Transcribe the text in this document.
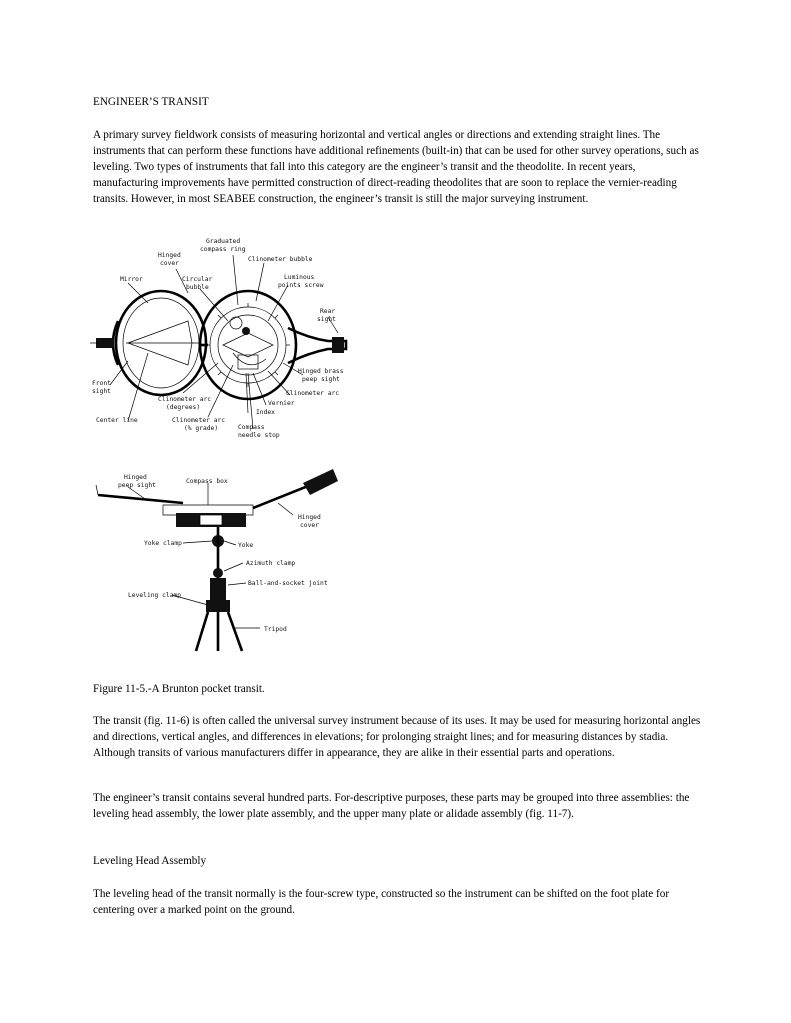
ENGINEER’S TRANSIT

A primary survey fieldwork consists of measuring horizontal and vertical angles or directions and extending straight lines. The instruments that can perform these functions have additional refinements (built-in) that can be used for other survey operations, such as leveling. Two types of instruments that fall into this category are the engineer’s transit and the theodolite. In recent years, manufacturing improvements have permitted construction of direct-reading theodolites that are soon to replace the vernier-reading transits. However, in most SEABEE construction, the engineer’s transit is still the major surveying instrument.

Graduated
compass ring
Hinged
cover
Clinometer bubble
Mirror	Circular
bubble
Luminous
points screw
Rear
sight
Hinged brass
peep sight
Front
sight
Clinometer arc
(degrees)
Clinometer arc
Vernier
Index
Center line	Clinometer arc
(% grade)	Compass
needle stop
Hinged
peep sight
Compass box
Hinged
cover
Yoke clamp	Yoke
Azimuth clamp
Ball-and-socket joint
Leveling clamp
Tripod

Figure 11-5.-A Brunton pocket transit.

The transit (fig. 11-6) is often called the universal survey instrument because of its uses. It may be used for measuring horizontal angles and directions, vertical angles, and differences in elevations; for prolonging straight lines; and for measuring distances by stadia. Although transits of various manufacturers differ in appearance, they are alike in their essential parts and operations.

The engineer’s transit contains several hundred parts. For-descriptive purposes, these parts may be grouped into three assemblies: the leveling head assembly, the lower plate assembly, and the upper many plate or alidade assembly (fig. 11-7).

Leveling Head Assembly

The leveling head of the transit normally is the four-screw type, constructed so the instrument can be shifted on the foot plate for centering over a marked point on the ground.
